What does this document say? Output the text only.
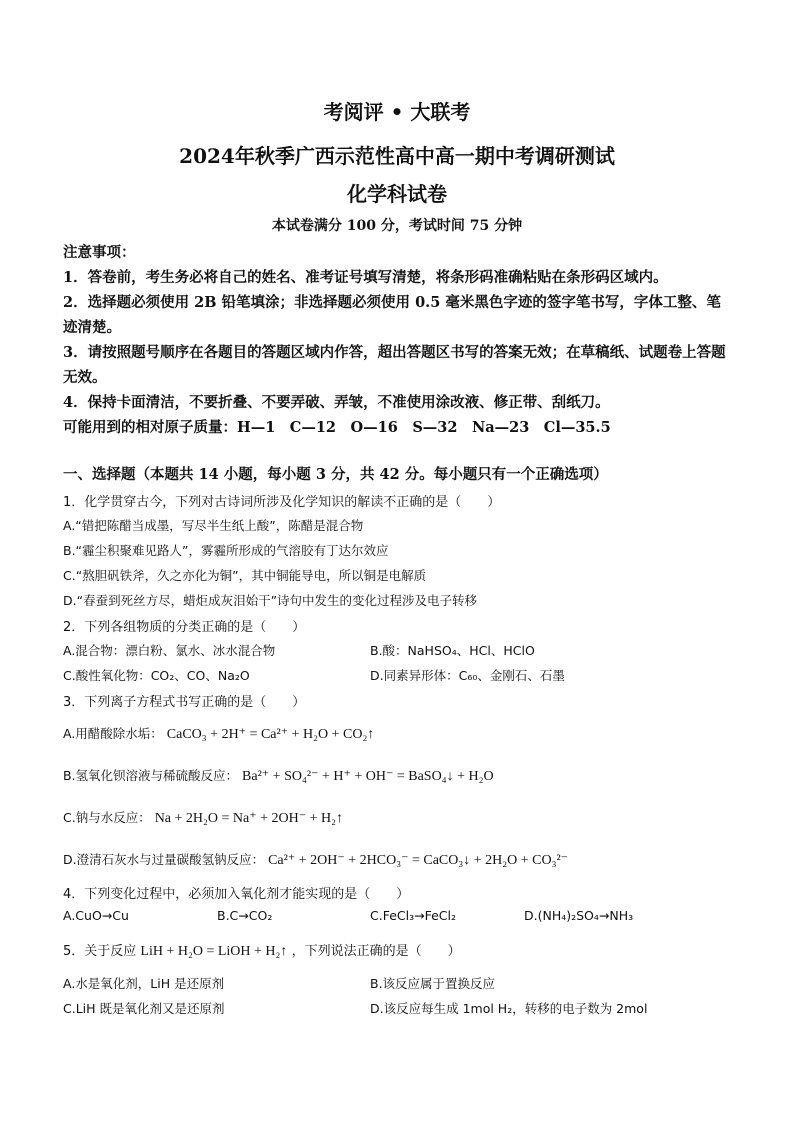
考阅评 • 大联考
2024年秋季广西示范性高中高一期中考调研测试
化学科试卷
本试卷满分 100 分，考试时间 75 分钟

注意事项：

1．答卷前，考生务必将自己的姓名、准考证号填写清楚，将条形码准确粘贴在条形码区域内。

2．选择题必须使用 2B 铅笔填涂；非选择题必须使用 0.5 毫米黑色字迹的签字笔书写，字体工整、笔迹清楚。

3．请按照题号顺序在各题目的答题区域内作答，超出答题区书写的答案无效；在草稿纸、试题卷上答题无效。

4．保持卡面清洁，不要折叠、不要弄破、弄皱，不准使用涂改液、修正带、刮纸刀。

可能用到的相对原子质量：H—1　C—12　O—16　S—32　Na—23　Cl—35.5

一、选择题（本题共 14 小题，每小题 3 分，共 42 分。每小题只有一个正确选项）
1．化学贯穿古今，下列对古诗词所涉及化学知识的解读不正确的是（　　）
A.“错把陈醋当成墨，写尽半生纸上酸”，陈醋是混合物
B.“霾尘积聚难见路人”，雾霾所形成的气溶胶有丁达尔效应
C.“熬胆矾铁斧，久之亦化为铜”，其中铜能导电，所以铜是电解质
D.“春蚕到死丝方尽，蜡炬成灰泪始干”诗句中发生的变化过程涉及电子转移
2．下列各组物质的分类正确的是（　　）
A.混合物：漂白粉、氯水、冰水混合物	B.酸：NaHSO₄、HCl、HClO
C.酸性氧化物：CO₂、CO、Na₂O	D.同素异形体：C₆₀、金刚石、石墨
3．下列离子方程式书写正确的是（　　）
A.用醋酸除水垢： CaCO₃ + 2H⁺ = Ca²⁺ + H₂O + CO₂↑
B.氢氧化钡溶液与稀硫酸反应： Ba²⁺ + SO₄²⁻ + H⁺ + OH⁻ = BaSO₄↓ + H₂O
C.钠与水反应： Na + 2H₂O = Na⁺ + 2OH⁻ + H₂↑
D.澄清石灰水与过量碳酸氢钠反应： Ca²⁺ + 2OH⁻ + 2HCO₃⁻ = CaCO₃↓ + 2H₂O + CO₃²⁻
4．下列变化过程中，必须加入氧化剂才能实现的是（　　）
A.CuO→Cu	B.C→CO₂	C.FeCl₃→FeCl₂	D.(NH₄)₂SO₄→NH₃
5．关于反应 LiH + H₂O = LiOH + H₂↑ ，下列说法正确的是（　　）
A.水是氧化剂，LiH 是还原剂	B.该反应属于置换反应
C.LiH 既是氧化剂又是还原剂	D.该反应每生成 1mol H₂，转移的电子数为 2mol
